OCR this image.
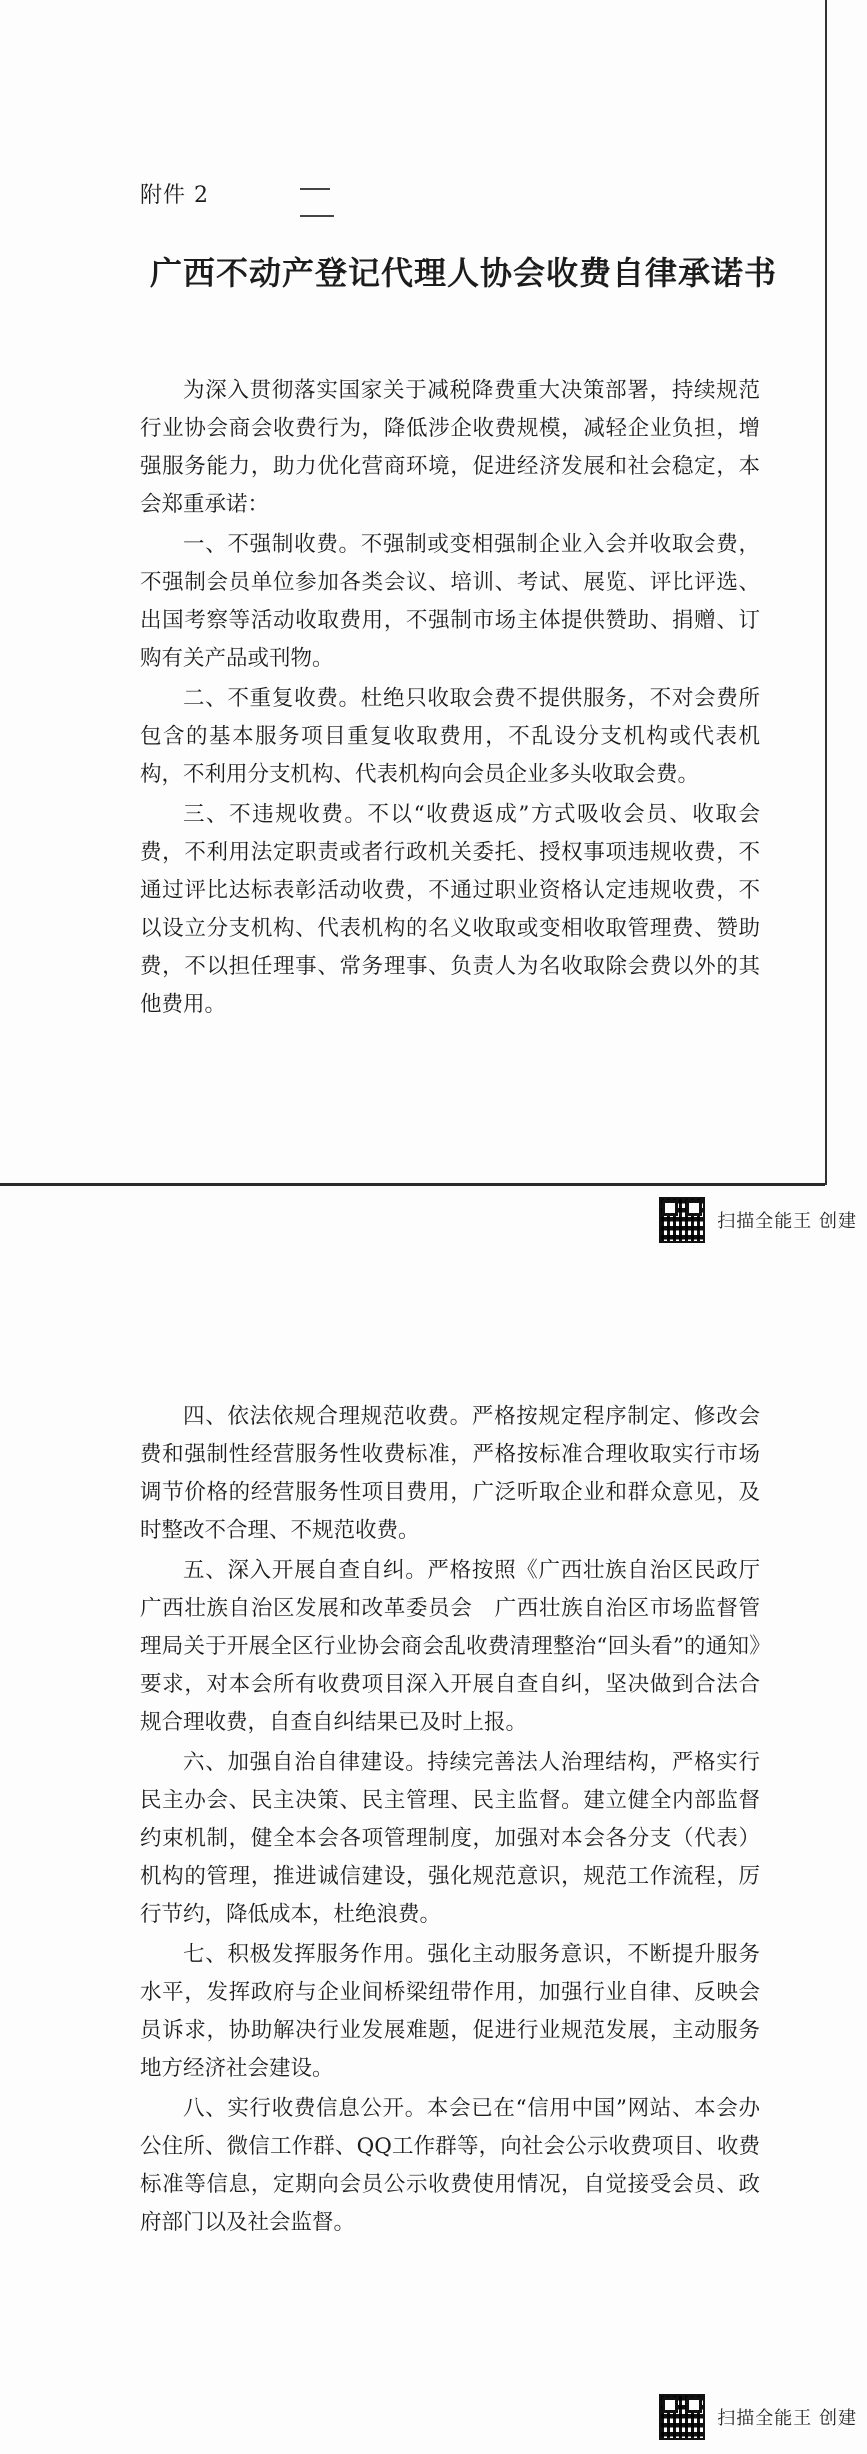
附件 2
广西不动产登记代理人协会收费自律承诺书

为深入贯彻落实国家关于减税降费重大决策部署，持续规范行业协会商会收费行为，降低涉企收费规模，减轻企业负担，增强服务能力，助力优化营商环境，促进经济发展和社会稳定，本会郑重承诺：

一、不强制收费。不强制或变相强制企业入会并收取会费，不强制会员单位参加各类会议、培训、考试、展览、评比评选、出国考察等活动收取费用，不强制市场主体提供赞助、捐赠、订购有关产品或刊物。

二、不重复收费。杜绝只收取会费不提供服务，不对会费所包含的基本服务项目重复收取费用，不乱设分支机构或代表机构，不利用分支机构、代表机构向会员企业多头收取会费。

三、不违规收费。不以“收费返成”方式吸收会员、收取会费，不利用法定职责或者行政机关委托、授权事项违规收费，不通过评比达标表彰活动收费，不通过职业资格认定违规收费，不以设立分支机构、代表机构的名义收取或变相收取管理费、赞助费，不以担任理事、常务理事、负责人为名收取除会费以外的其他费用。

扫描全能王 创建

四、依法依规合理规范收费。严格按规定程序制定、修改会费和强制性经营服务性收费标准，严格按标准合理收取实行市场调节价格的经营服务性项目费用，广泛听取企业和群众意见，及时整改不合理、不规范收费。

五、深入开展自查自纠。严格按照《广西壮族自治区民政厅 广西壮族自治区发展和改革委员会　广西壮族自治区市场监督管理局关于开展全区行业协会商会乱收费清理整治“回头看”的通知》要求，对本会所有收费项目深入开展自查自纠，坚决做到合法合规合理收费，自查自纠结果已及时上报。

六、加强自治自律建设。持续完善法人治理结构，严格实行民主办会、民主决策、民主管理、民主监督。建立健全内部监督约束机制，健全本会各项管理制度，加强对本会各分支（代表）机构的管理，推进诚信建设，强化规范意识，规范工作流程，厉行节约，降低成本，杜绝浪费。

七、积极发挥服务作用。强化主动服务意识，不断提升服务水平，发挥政府与企业间桥梁纽带作用，加强行业自律、反映会员诉求，协助解决行业发展难题，促进行业规范发展，主动服务地方经济社会建设。

八、实行收费信息公开。本会已在“信用中国”网站、本会办公住所、微信工作群、QQ工作群等，向社会公示收费项目、收费标准等信息，定期向会员公示收费使用情况，自觉接受会员、政府部门以及社会监督。

扫描全能王 创建
